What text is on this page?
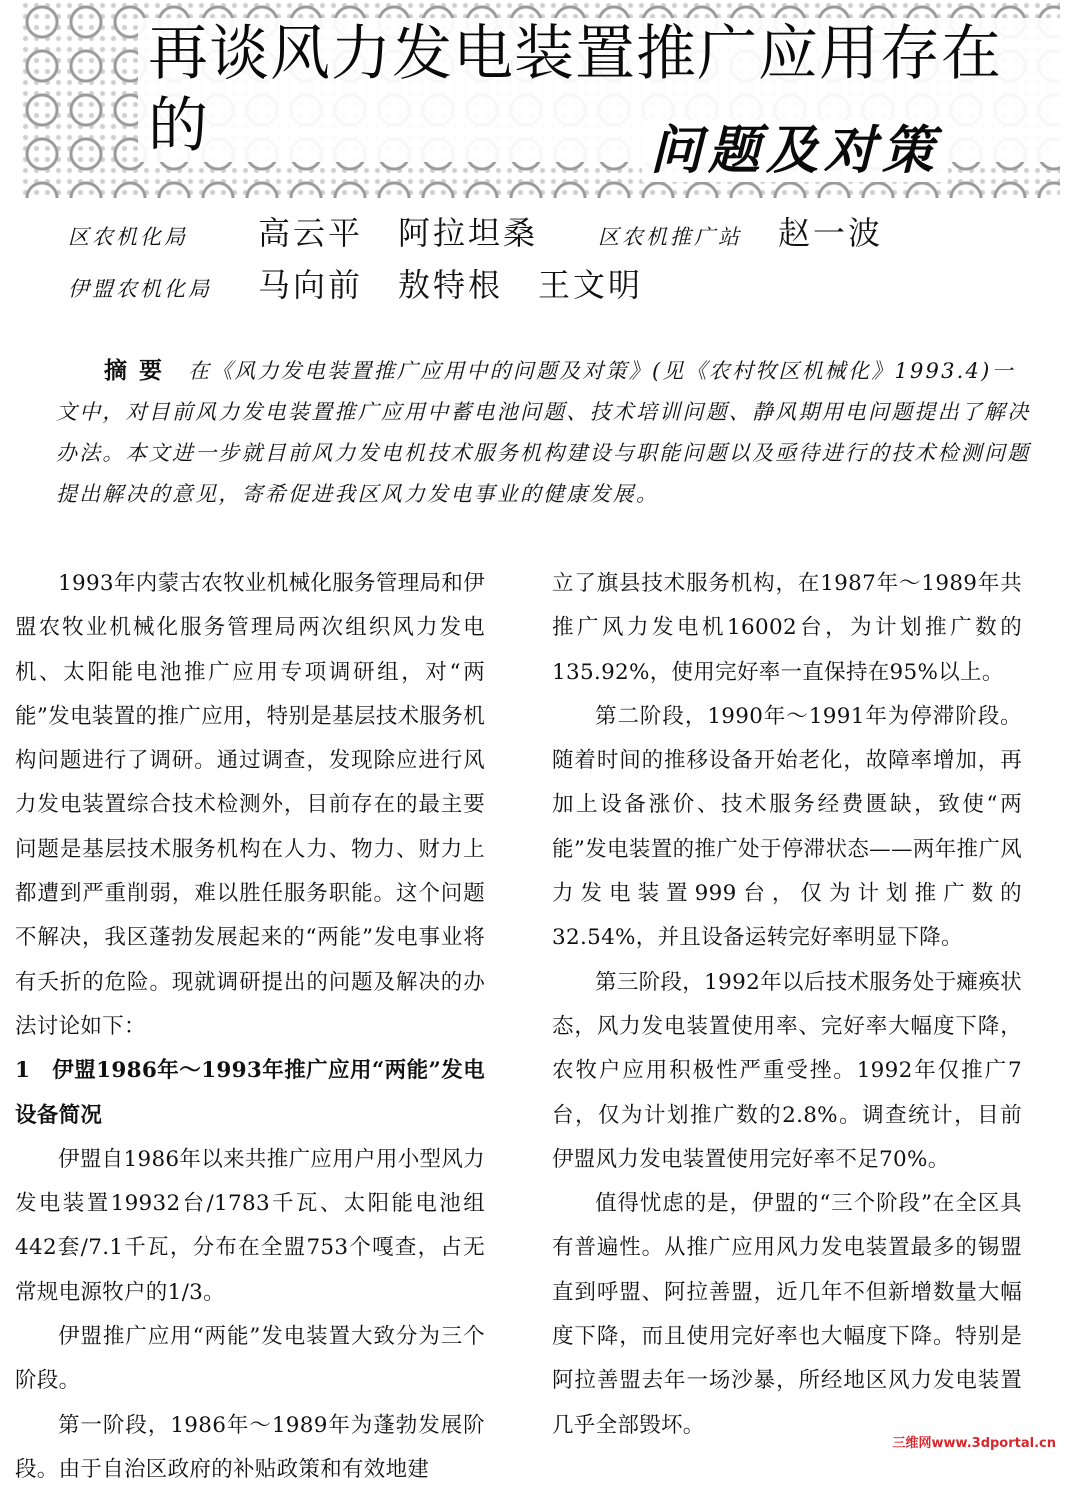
再谈风力发电装置推广应用存在的	问题及对策
区农机化局	高云平　阿拉坦桑	区农机推广站	赵一波
伊盟农机化局	马向前　敖特根　王文明
摘要 在《风力发电装置推广应用中的问题及对策》(见《农村牧区机械化》1993.4)一文中，对目前风力发电装置推广应用中蓄电池问题、技术培训问题、静风期用电问题提出了解决办法。本文进一步就目前风力发电机技术服务机构建设与职能问题以及亟待进行的技术检测问题提出解决的意见，寄希促进我区风力发电事业的健康发展。

1993年内蒙古农牧业机械化服务管理局和伊盟农牧业机械化服务管理局两次组织风力发电机、太阳能电池推广应用专项调研组，对“两能”发电装置的推广应用，特别是基层技术服务机构问题进行了调研。通过调查，发现除应进行风力发电装置综合技术检测外，目前存在的最主要问题是基层技术服务机构在人力、物力、财力上都遭到严重削弱，难以胜任服务职能。这个问题不解决，我区蓬勃发展起来的“两能”发电事业将有夭折的危险。现就调研提出的问题及解决的办法讨论如下：

1　伊盟1986年～1993年推广应用“两能”发电设备简况

伊盟自1986年以来共推广应用户用小型风力发电装置19932台/1783千瓦、太阳能电池组442套/7.1千瓦，分布在全盟753个嘎查，占无常规电源牧户的1/3。

伊盟推广应用“两能”发电装置大致分为三个阶段。

第一阶段，1986年～1989年为蓬勃发展阶段。由于自治区政府的补贴政策和有效地建

立了旗县技术服务机构，在1987年～1989年共推广风力发电机16002台，为计划推广数的135.92%，使用完好率一直保持在95%以上。

第二阶段，1990年～1991年为停滞阶段。随着时间的推移设备开始老化，故障率增加，再加上设备涨价、技术服务经费匮缺，致使“两能”发电装置的推广处于停滞状态——两年推广风力发电装置999台，仅为计划推广数的32.54%，并且设备运转完好率明显下降。

第三阶段，1992年以后技术服务处于瘫痪状态，风力发电装置使用率、完好率大幅度下降，农牧户应用积极性严重受挫。1992年仅推广7台，仅为计划推广数的2.8%。调查统计，目前伊盟风力发电装置使用完好率不足70%。

值得忧虑的是，伊盟的“三个阶段”在全区具有普遍性。从推广应用风力发电装置最多的锡盟直到呼盟、阿拉善盟，近几年不但新增数量大幅度下降，而且使用完好率也大幅度下降。特别是阿拉善盟去年一场沙暴，所经地区风力发电装置几乎全部毁坏。

三维网www.3dportal.cn
